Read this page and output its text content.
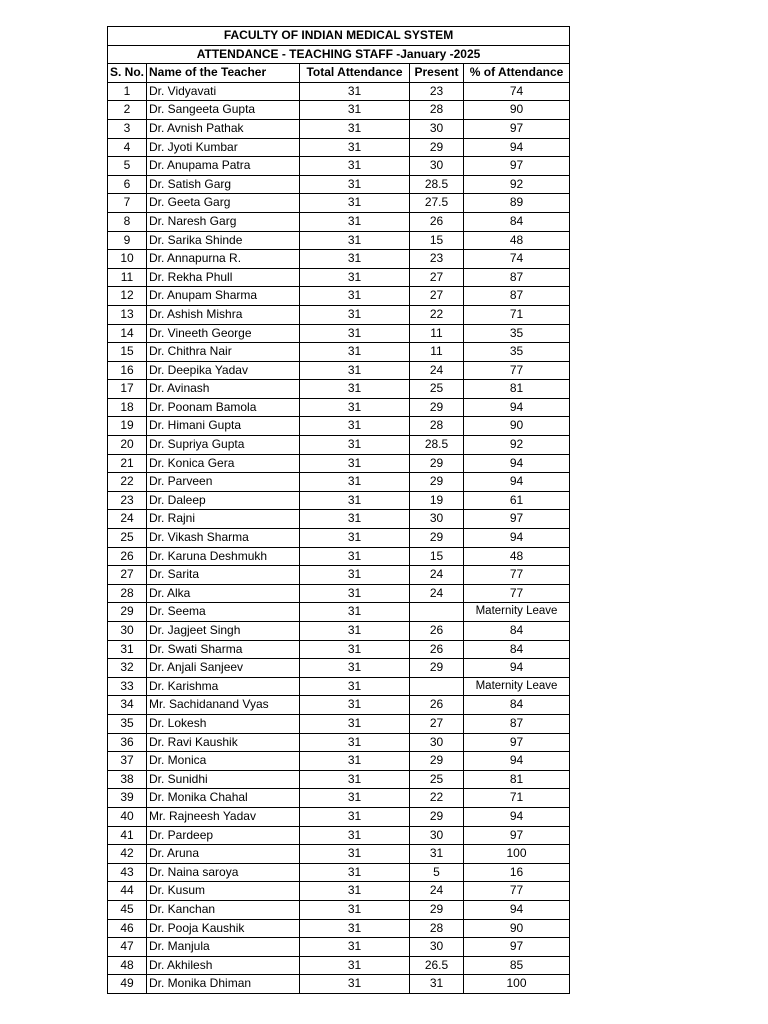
FACULTY OF INDIAN MEDICAL SYSTEM				
ATTENDANCE - TEACHING STAFF -January -2025				
S. No.	Name of the Teacher	Total Attendance	Present	% of Attendance
1	Dr. Vidyavati	31	23	74
2	Dr. Sangeeta Gupta	31	28	90
3	Dr. Avnish Pathak	31	30	97
4	Dr. Jyoti Kumbar	31	29	94
5	Dr. Anupama Patra	31	30	97
6	Dr. Satish Garg	31	28.5	92
7	Dr. Geeta Garg	31	27.5	89
8	Dr. Naresh Garg	31	26	84
9	Dr. Sarika Shinde	31	15	48
10	Dr. Annapurna R.	31	23	74
11	Dr. Rekha Phull	31	27	87
12	Dr. Anupam Sharma	31	27	87
13	Dr. Ashish Mishra	31	22	71
14	Dr. Vineeth George	31	11	35
15	Dr. Chithra Nair	31	11	35
16	Dr. Deepika Yadav	31	24	77
17	Dr. Avinash	31	25	81
18	Dr. Poonam Bamola	31	29	94
19	Dr. Himani Gupta	31	28	90
20	Dr. Supriya Gupta	31	28.5	92
21	Dr. Konica Gera	31	29	94
22	Dr. Parveen	31	29	94
23	Dr. Daleep	31	19	61
24	Dr. Rajni	31	30	97
25	Dr. Vikash Sharma	31	29	94
26	Dr. Karuna Deshmukh	31	15	48
27	Dr. Sarita	31	24	77
28	Dr. Alka	31	24	77
29	Dr. Seema	31		Maternity Leave
30	Dr. Jagjeet Singh	31	26	84
31	Dr. Swati Sharma	31	26	84
32	Dr. Anjali Sanjeev	31	29	94
33	Dr. Karishma	31		Maternity Leave
34	Mr. Sachidanand Vyas	31	26	84
35	Dr. Lokesh	31	27	87
36	Dr. Ravi Kaushik	31	30	97
37	Dr. Monica	31	29	94
38	Dr. Sunidhi	31	25	81
39	Dr. Monika Chahal	31	22	71
40	Mr. Rajneesh Yadav	31	29	94
41	Dr. Pardeep	31	30	97
42	Dr. Aruna	31	31	100
43	Dr. Naina saroya	31	5	16
44	Dr. Kusum	31	24	77
45	Dr. Kanchan	31	29	94
46	Dr. Pooja Kaushik	31	28	90
47	Dr. Manjula	31	30	97
48	Dr. Akhilesh	31	26.5	85
49	Dr. Monika Dhiman	31	31	100
